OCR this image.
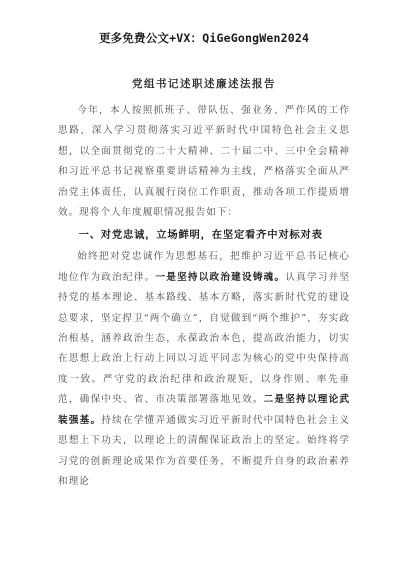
更多免费公文+VX：QiGeGongWen2024
党组书记述职述廉述法报告

今年，本人按照抓班子、带队伍、强业务、严作风的工作思路，深入学习贯彻落实习近平新时代中国特色社会主义思想，以全面贯彻党的二十大精神、二十届二中、三中全会精神和习近平总书记视察重要讲话精神为主线，严格落实全面从严治党主体责任，认真履行岗位工作职责，推动各项工作提质增效。现将个人年度履职情况报告如下：

一、对党忠诚，立场鲜明，在坚定看齐中对标对表

始终把对党忠诚作为思想基石，把维护习近平总书记核心地位作为政治纪律。一是坚持以政治建设铸魂。认真学习并坚持党的基本理论、基本路线、基本方略，落实新时代党的建设总要求，坚定捍卫“两个确立”，自觉做到“两个维护”，夯实政治根基，涵养政治生态，永葆政治本色，提高政治能力，切实在思想上政治上行动上同以习近平同志为核心的党中央保持高度一致。严守党的政治纪律和政治规矩，以身作则、率先垂范，确保中央、省、市决策部署落地见效。二是坚持以理论武装强基。持续在学懂弄通做实习近平新时代中国特色社会主义思想上下功夫，以理论上的清醒保证政治上的坚定。始终将学习党的创新理论成果作为首要任务，不断提升自身的政治素养和理论
